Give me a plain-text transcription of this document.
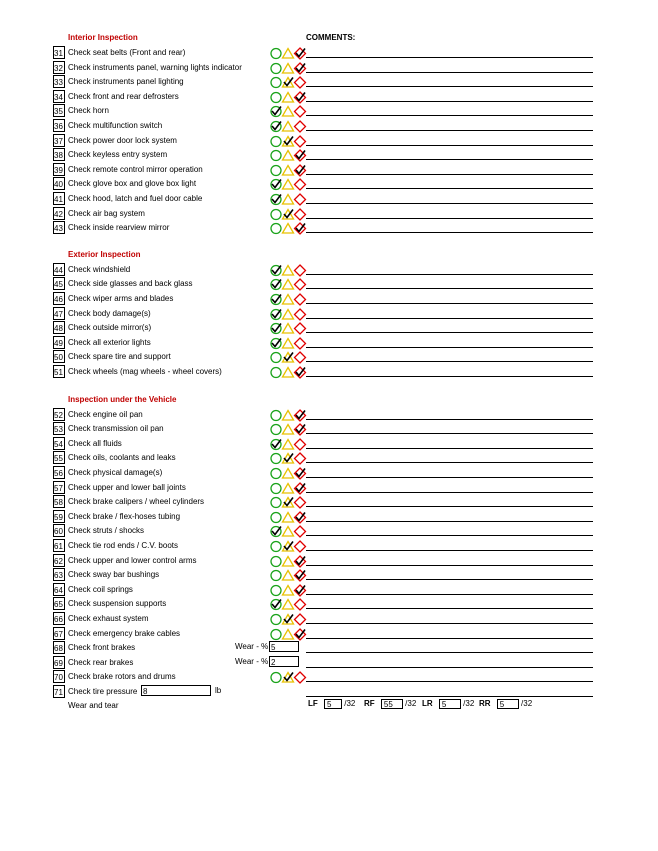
COMMENTS:
Interior Inspection
31 Check seat belts (Front and rear)
32 Check instruments panel, warning lights indicator
33 Check instruments panel lighting
34 Check front and rear defrosters
35 Check horn
36 Check multifunction switch
37 Check power door lock system
38 Check keyless entry system
39 Check remote control mirror operation
40 Check glove box and glove box light
41 Check hood, latch and fuel door cable
42 Check air bag system
43 Check inside rearview mirror
Exterior Inspection
44 Check windshield
45 Check side glasses and back glass
46 Check wiper arms and blades
47 Check body damage(s)
48 Check outside mirror(s)
49 Check all exterior lights
50 Check spare tire and support
51 Check wheels (mag wheels - wheel covers)
Inspection under the Vehicle
52 Check engine oil pan
53 Check transmission oil pan
54 Check all fluids
55 Check oils, coolants and leaks
56 Check physical damage(s)
57 Check upper and lower ball joints
58 Check brake calipers / wheel cylinders
59 Check brake / flex-hoses tubing
60 Check struts / shocks
61 Check tie rod ends / C.V. boots
62 Check upper and lower control arms
63 Check sway bar bushings
64 Check coil springs
65 Check suspension supports
66 Check exhaust system
67 Check emergency brake cables
68 Check front brakes	Wear - % 5
69 Check rear brakes	Wear - % 2
70 Check brake rotors and drums
71 Check tire pressure 8	lb
Wear and tear	LF 5 /32 RF 55 /32 LR 5 /32 RR 5 /32
